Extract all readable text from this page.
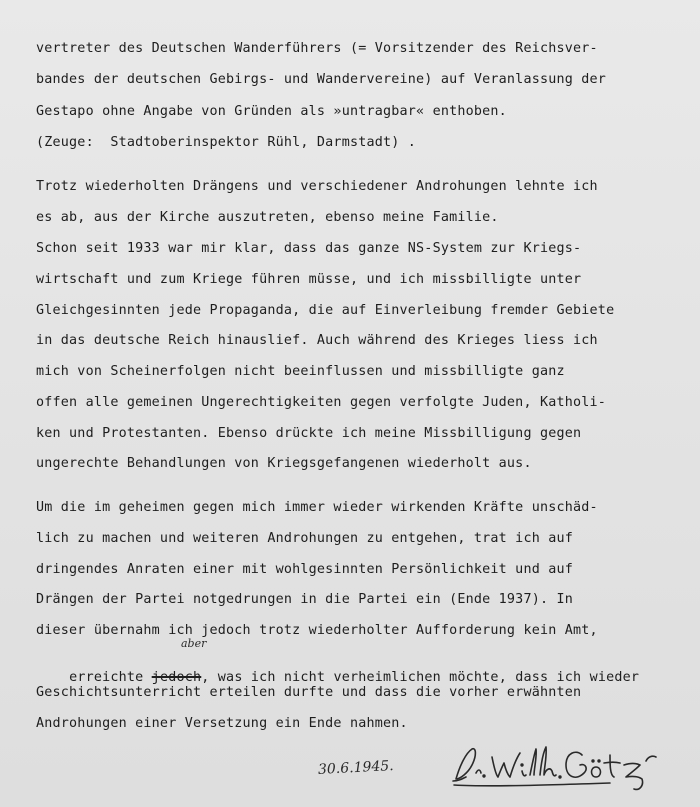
vertreter des Deutschen Wanderführers (= Vorsitzender des Reichsver-
bandes der deutschen Gebirgs- und Wandervereine) auf Veranlassung der
Gestapo ohne Angabe von Gründen als »untragbar« enthoben.
(Zeuge:  Stadtoberinspektor Rühl, Darmstadt) .
Trotz wiederholten Drängens und verschiedener Androhungen lehnte ich
es ab, aus der Kirche auszutreten, ebenso meine Familie.
Schon seit 1933 war mir klar, dass das ganze NS-System zur Kriegs-
wirtschaft und zum Kriege führen müsse, und ich missbilligte unter
Gleichgesinnten jede Propaganda, die auf Einverleibung fremder Gebiete
in das deutsche Reich hinauslief. Auch während des Krieges liess ich
mich von Scheinerfolgen nicht beeinflussen und missbilligte ganz
offen alle gemeinen Ungerechtigkeiten gegen verfolgte Juden, Katholi-
ken und Protestanten. Ebenso drückte ich meine Missbilligung gegen
ungerechte Behandlungen von Kriegsgefangenen wiederholt aus.
Um die im geheimen gegen mich immer wieder wirkenden Kräfte unschäd-
lich zu machen und weiteren Androhungen zu entgehen, trat ich auf
dringendes Anraten einer mit wohlgesinnten Persönlichkeit und auf
Drängen der Partei notgedrungen in die Partei ein (Ende 1937). In
dieser übernahm ich jedoch trotz wiederholter Aufforderung kein Amt,

erreichte jedoch, was ich nicht verheimlichen möchte, dass ich wieder

aber
Geschichtsunterricht erteilen durfte und dass die vorher erwähnten
Androhungen einer Versetzung ein Ende nahmen.
30.6.1945.
